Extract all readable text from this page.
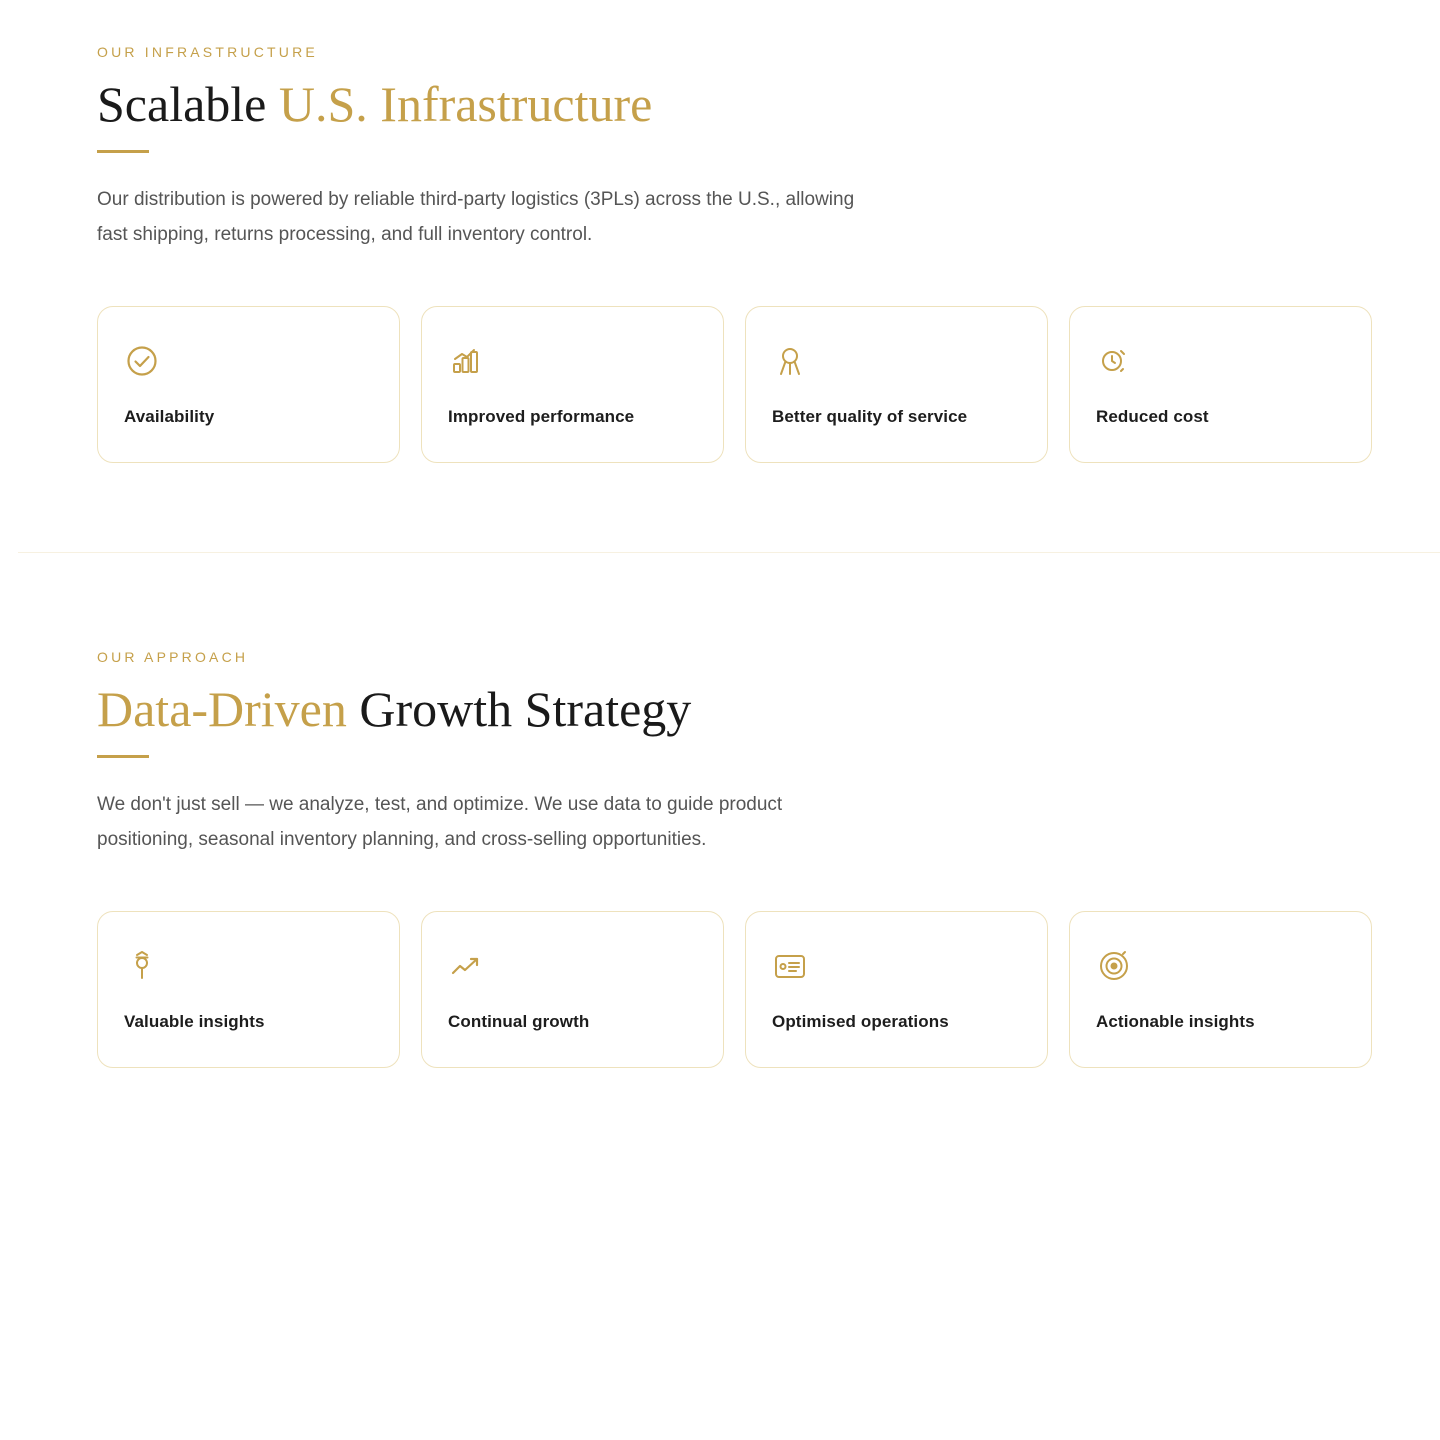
OUR INFRASTRUCTURE
Scalable U.S. Infrastructure

Our distribution is powered by reliable third-party logistics (3PLs) across the U.S., allowing fast shipping, returns processing, and full inventory control.

Availability	Improved performance	Better quality of service	Reduced cost
OUR APPROACH
Data-Driven Growth Strategy

We don't just sell — we analyze, test, and optimize. We use data to guide product positioning, seasonal inventory planning, and cross-selling opportunities.

Valuable insights	Continual growth	Optimised operations	Actionable insights
